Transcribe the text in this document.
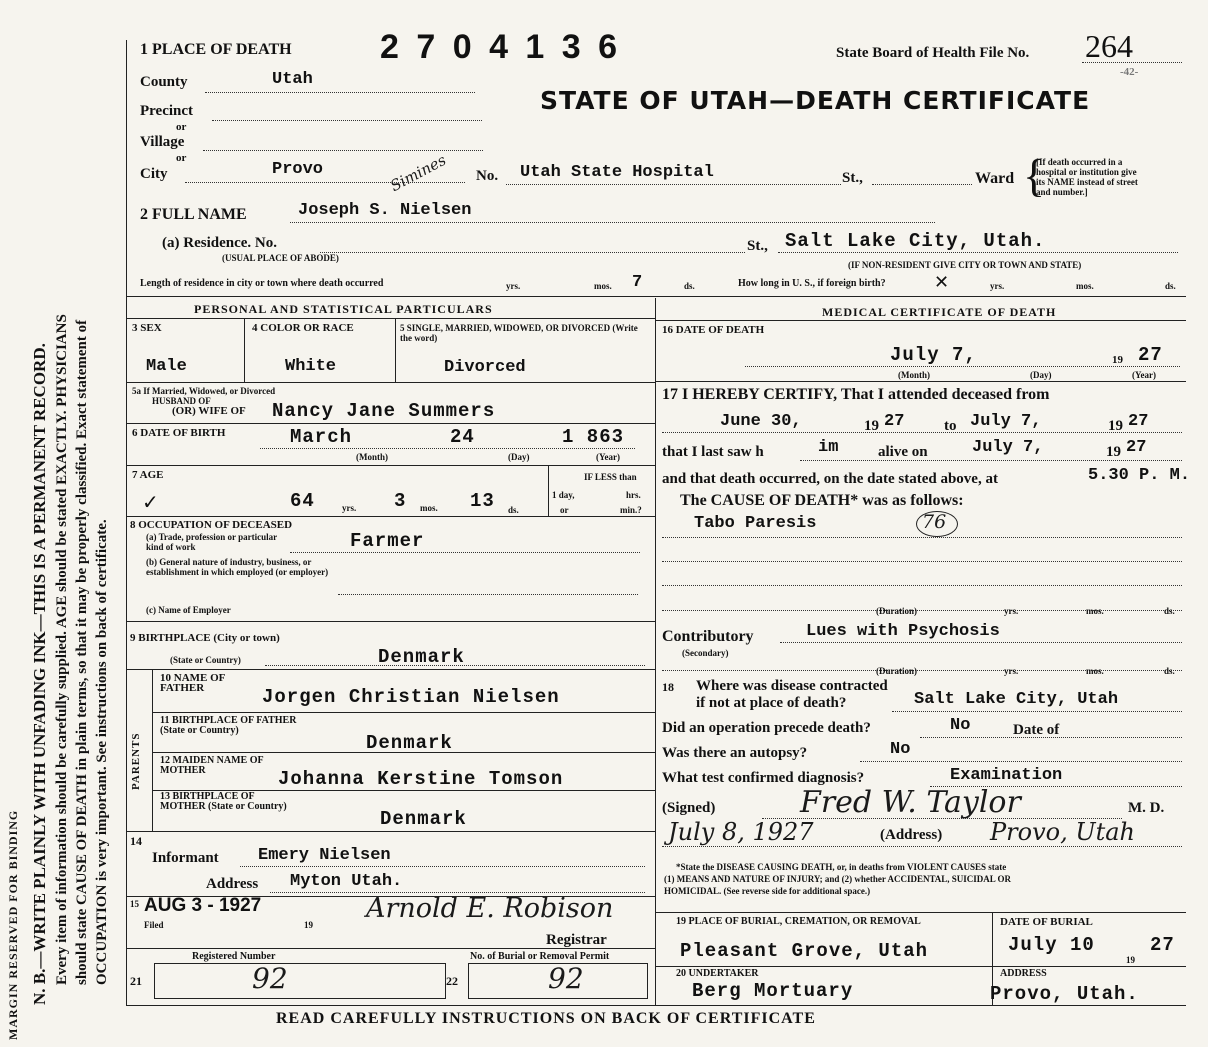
MARGIN RESERVED FOR BINDING N. B.—WRITE PLAINLY WITH UNFADING INK—THIS IS A PERMANENT RECORD. Every item of information should be carefully supplied. AGE should be stated EXACTLY. PHYSICIANS should state CAUSE OF DEATH in plain terms, so that it may be properly classified. Exact statement of OCCUPATION is very important. See instructions on back of certificate.
1 PLACE OF DEATH	2 7 0 4 1 3 6	State Board of Health File No. 264
-42-
STATE OF UTAH—DEATH CERTIFICATE
County	Utah
Precinct
or
Village
or
City	Provo	No. Utah State Hospital	St.,	Ward {
[If death occurred in a
hospital or institution give
its NAME instead of street
and number.]
2 FULL NAME	Joseph S. Nielsen
Simines
(a) Residence. No.
(USUAL PLACE OF ABODE)
St., Salt Lake City, Utah.
(IF NON-RESIDENT GIVE CITY OR TOWN AND STATE)
Length of residence in city or town where death occurred	yrs.	mos. 7	ds.	How long in U. S., if foreign birth?	✕	yrs.	mos.	ds.
PERSONAL AND STATISTICAL PARTICULARS
3 SEX
Male
4 COLOR OR RACE
White
5 SINGLE, MARRIED, WIDOWED, OR DIVORCED (Write the word)
Divorced
5a If Married, Widowed, or Divorced
HUSBAND OF
(OR) WIFE OF Nancy Jane Summers
6 DATE OF BIRTH	March	24	1 863
(Month)	(Day)	(Year)
7 AGE
✓	64	yrs. 3 mos. 13 ds.
IF LESS than
1 day,	hrs.
or	min.?
8 OCCUPATION OF DECEASED
(a) Trade, profession or particular kind of work	Farmer
(b) General nature of industry, business, or establishment in which employed (or employer)
(c) Name of Employer
9 BIRTHPLACE (City or town)
(State or Country)	Denmark
PARENTS
10 NAME OF FATHER	Jorgen Christian Nielsen
11 BIRTHPLACE OF FATHER (State or Country)
Denmark
12 MAIDEN NAME OF MOTHER	Johanna Kerstine Tomson
13 BIRTHPLACE OF MOTHER (State or Country)
Denmark
14
Informant Emery Nielsen
Address Myton Utah.
15
Filed
AUG 3 - 1927
19
Arnold E. Robison
Registrar
Registered Number	No. of Burial or Removal Permit
21	92	22	92
MEDICAL CERTIFICATE OF DEATH
16 DATE OF DEATH
July 7,	19 27
(Month)	(Day)	(Year)
17 I HEREBY CERTIFY, That I attended deceased from
June 30,	19 27	to July 7,	19 27
that I last saw h	im	alive on	July 7,	19 27
and that death occurred, on the date stated above, at	5.30 P. M.
The CAUSE OF DEATH* was as follows:
Tabo Paresis	76
(Duration)	yrs.	mos.	ds.
Contributory
(Secondary)
Lues with Psychosis
(Duration)	yrs.	mos.	ds.
18 Where was disease contracted
if not at place of death?	Salt Lake City, Utah
Did an operation precede death?	No	Date of
Was there an autopsy?	No
What test confirmed diagnosis?	Examination
(Signed)	Fred W. Taylor	M. D.
July 8, 1927	(Address) Provo, Utah
*State the DISEASE CAUSING DEATH, or, in deaths from VIOLENT CAUSES state
(1) MEANS AND NATURE OF INJURY; and (2) whether ACCIDENTAL, SUICIDAL OR
HOMICIDAL. (See reverse side for additional space.)
19 PLACE OF BURIAL, CREMATION, OR REMOVAL
Pleasant Grove, Utah
DATE OF BURIAL
July 10
19
27
20 UNDERTAKER
Berg Mortuary
ADDRESS
Provo, Utah.
READ CAREFULLY INSTRUCTIONS ON BACK OF CERTIFICATE
